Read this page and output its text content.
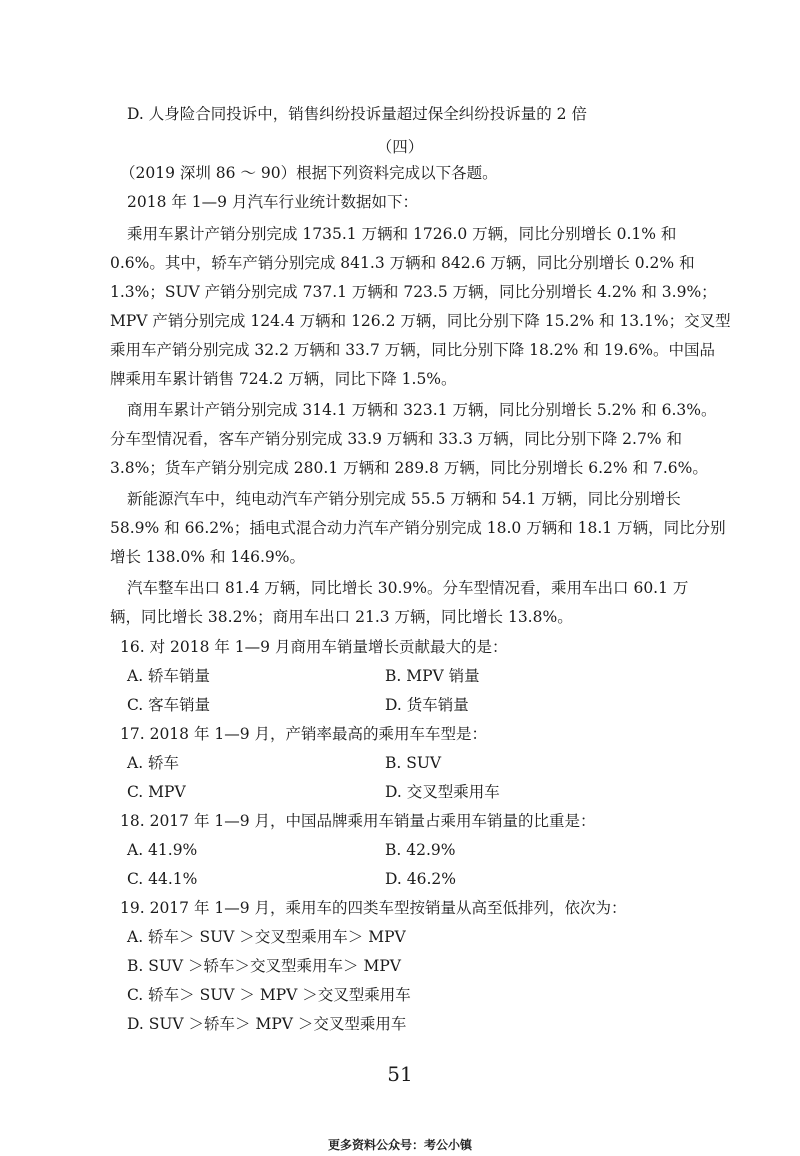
D. 人身险合同投诉中，销售纠纷投诉量超过保全纠纷投诉量的 2 倍
（四）
（2019 深圳 86 ～ 90）根据下列资料完成以下各题。
2018 年 1—9 月汽车行业统计数据如下：
乘用车累计产销分别完成 1735.1 万辆和 1726.0 万辆，同比分别增长 0.1% 和
0.6%。其中，轿车产销分别完成 841.3 万辆和 842.6 万辆，同比分别增长 0.2% 和
1.3%；SUV 产销分别完成 737.1 万辆和 723.5 万辆，同比分别增长 4.2% 和 3.9%；
MPV 产销分别完成 124.4 万辆和 126.2 万辆，同比分别下降 15.2% 和 13.1%；交叉型
乘用车产销分别完成 32.2 万辆和 33.7 万辆，同比分别下降 18.2% 和 19.6%。中国品
牌乘用车累计销售 724.2 万辆，同比下降 1.5%。
商用车累计产销分别完成 314.1 万辆和 323.1 万辆，同比分别增长 5.2% 和 6.3%。
分车型情况看，客车产销分别完成 33.9 万辆和 33.3 万辆，同比分别下降 2.7% 和
3.8%；货车产销分别完成 280.1 万辆和 289.8 万辆，同比分别增长 6.2% 和 7.6%。
新能源汽车中，纯电动汽车产销分别完成 55.5 万辆和 54.1 万辆，同比分别增长
58.9% 和 66.2%；插电式混合动力汽车产销分别完成 18.0 万辆和 18.1 万辆，同比分别
增长 138.0% 和 146.9%。
汽车整车出口 81.4 万辆，同比增长 30.9%。分车型情况看，乘用车出口 60.1 万
辆，同比增长 38.2%；商用车出口 21.3 万辆，同比增长 13.8%。
16. 对 2018 年 1—9 月商用车销量增长贡献最大的是：
A. 轿车销量	B. MPV 销量
C. 客车销量	D. 货车销量
17. 2018 年 1—9 月，产销率最高的乘用车车型是：
A. 轿车	B. SUV
C. MPV	D. 交叉型乘用车
18. 2017 年 1—9 月，中国品牌乘用车销量占乘用车销量的比重是：
A. 41.9%	B. 42.9%
C. 44.1%	D. 46.2%
19. 2017 年 1—9 月，乘用车的四类车型按销量从高至低排列，依次为：
A. 轿车＞ SUV ＞交叉型乘用车＞ MPV
B. SUV ＞轿车＞交叉型乘用车＞ MPV
C. 轿车＞ SUV ＞ MPV ＞交叉型乘用车
D. SUV ＞轿车＞ MPV ＞交叉型乘用车
51
更多资料公众号：考公小镇
